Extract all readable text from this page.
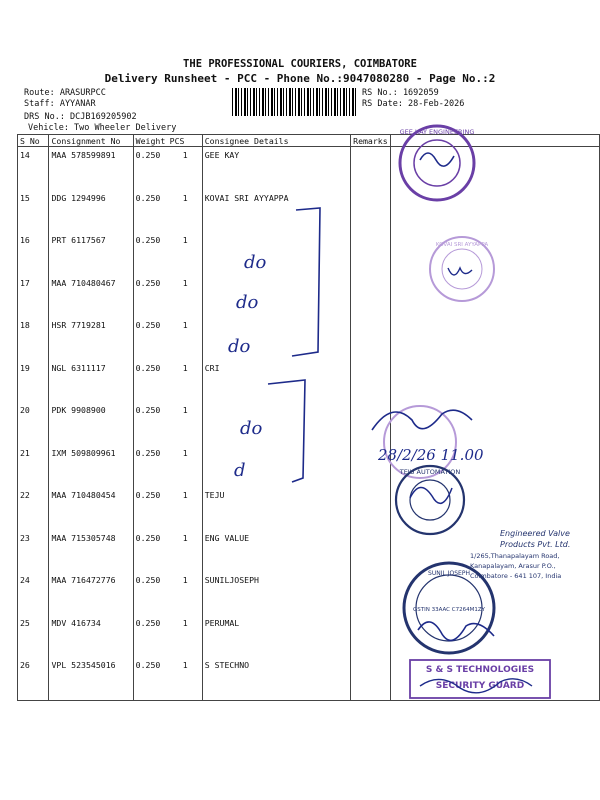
THE PROFESSIONAL COURIERS, COIMBATORE
Delivery Runsheet - PCC - Phone No.:9047080280 - Page No.:2
Route: ARASURPCC
Staff: AYYANAR
DRS No.: DCJB169205902
Vehicle: Two Wheeler Delivery
RS No.: 1692059
RS Date: 28-Feb-2026
S No	Consignment No	Weight PCS	Consignee Details	Remarks	
14	MAA 578599891	0.250 1	GEE KAY		
15	DDG 1294996	0.250 1	KOVAI SRI AYYAPPA		
16	PRT 6117567	0.250 1			
17	MAA 710480467	0.250 1			
18	HSR 7719281	0.250 1			
19	NGL 6311117	0.250 1	CRI		
20	PDK 9908900	0.250 1			
21	IXM 509809961	0.250 1			
22	MAA 710480454	0.250 1	TEJU		
23	MAA 715305748	0.250 1	ENG VALUE		
24	MAA 716472776	0.250 1	SUNILJOSEPH		
25	MDV 416734	0.250 1	PERUMAL		
26	VPL 523545016	0.250 1	S STECHNO		
do
do
do
do
d
GEE KAY ENGINEERING
KOVAI SRI AYYAPPA
28/2/26 11.00
TEJU AUTOMATION
Engineered Valve
Products Pvt. Ltd.
1/265,Thanapalayam Road,
Kanapalayam, Arasur P.O.,
Coimbatore - 641 107, India
SUNIL JOSEPH
GSTIN 33AAC C7264M1ZY
S & S TECHNOLOGIES
SECURITY GUARD
